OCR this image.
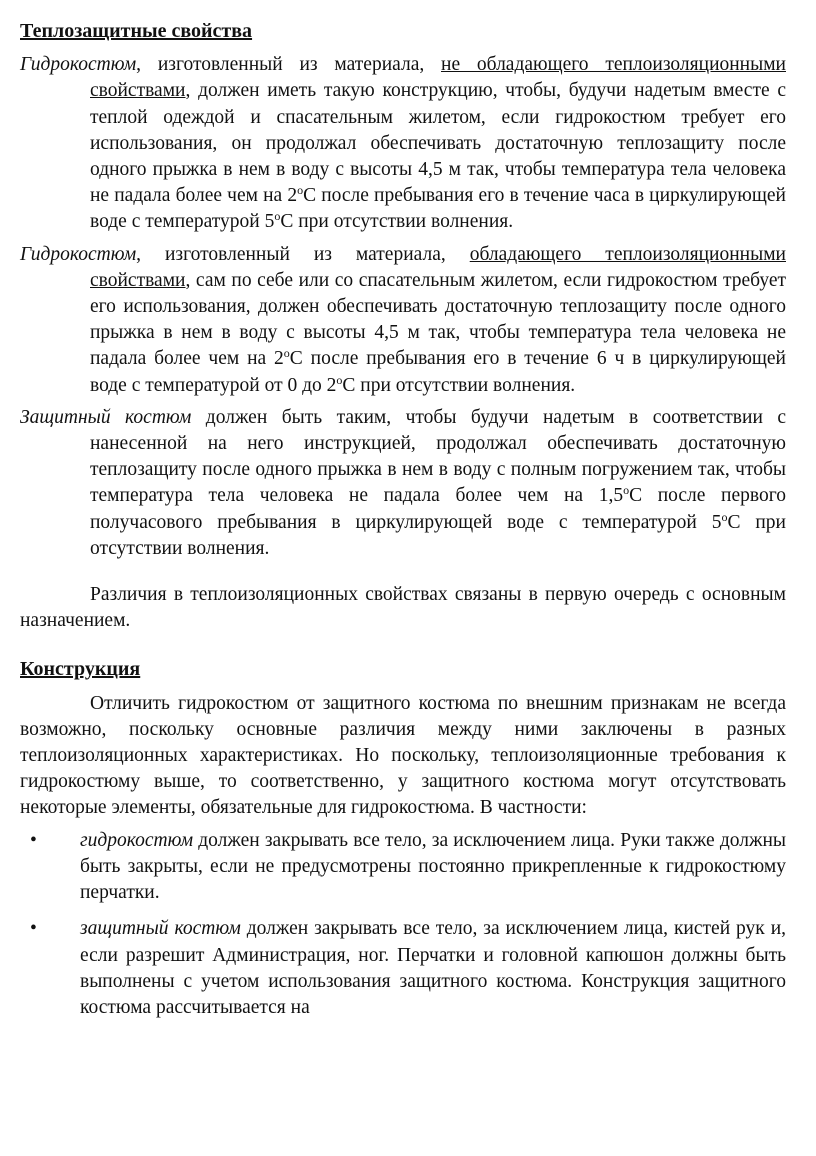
Теплозащитные свойства

Гидрокостюм, изготовленный из материала, не обладающего теплоизоляционными свойствами, должен иметь такую конструкцию, чтобы, будучи надетым вместе с теплой одеждой и спасательным жилетом, если гидрокостюм требует его использования, он продолжал обеспечивать достаточную теплозащиту после одного прыжка в нем в воду с высоты 4,5 м так, чтобы температура тела человека не падала более чем на 2$^o$С после пребывания его в течение часа в циркулирующей воде с температурой 5$^o$С при отсутствии волнения.

Гидрокостюм, изготовленный из материала, обладающего теплоизоляционными свойствами, сам по себе или со спасательным жилетом, если гидрокостюм требует его использования, должен обеспечивать достаточную теплозащиту после одного прыжка в нем в воду с высоты 4,5 м так, чтобы температура тела человека не падала более чем на 2$^o$С после пребывания его в течение 6 ч в циркулирующей воде с температурой от 0 до 2$^o$С при отсутствии волнения.

Защитный костюм должен быть таким, чтобы будучи надетым в соответствии с нанесенной на него инструкцией, продолжал обеспечивать достаточную теплозащиту после одного прыжка в нем в воду с полным погружением так, чтобы температура тела человека не падала более чем на 1,5$^o$С после первого получасового пребывания в циркулирующей воде с температурой 5$^o$С при отсутствии волнения.

Различия в теплоизоляционных свойствах связаны в первую очередь с основным назначением.

Конструкция

Отличить гидрокостюм от защитного костюма по внешним признакам не всегда возможно, поскольку основные различия между ними заключены в разных теплоизоляционных характеристиках. Но поскольку, теплоизоляционные требования к гидрокостюму выше, то соответственно, у защитного костюма могут отсутствовать некоторые элементы, обязательные для гидрокостюма. В частности:

• гидрокостюм должен закрывать все тело, за исключением лица. Руки также должны быть закрыты, если не предусмотрены постоянно прикрепленные к гидрокостюму перчатки.
• защитный костюм должен закрывать все тело, за исключением лица, кистей рук и, если разрешит Администрация, ног. Перчатки и головной капюшон должны быть выполнены с учетом использования защитного костюма. Конструкция защитного костюма рассчитывается на
